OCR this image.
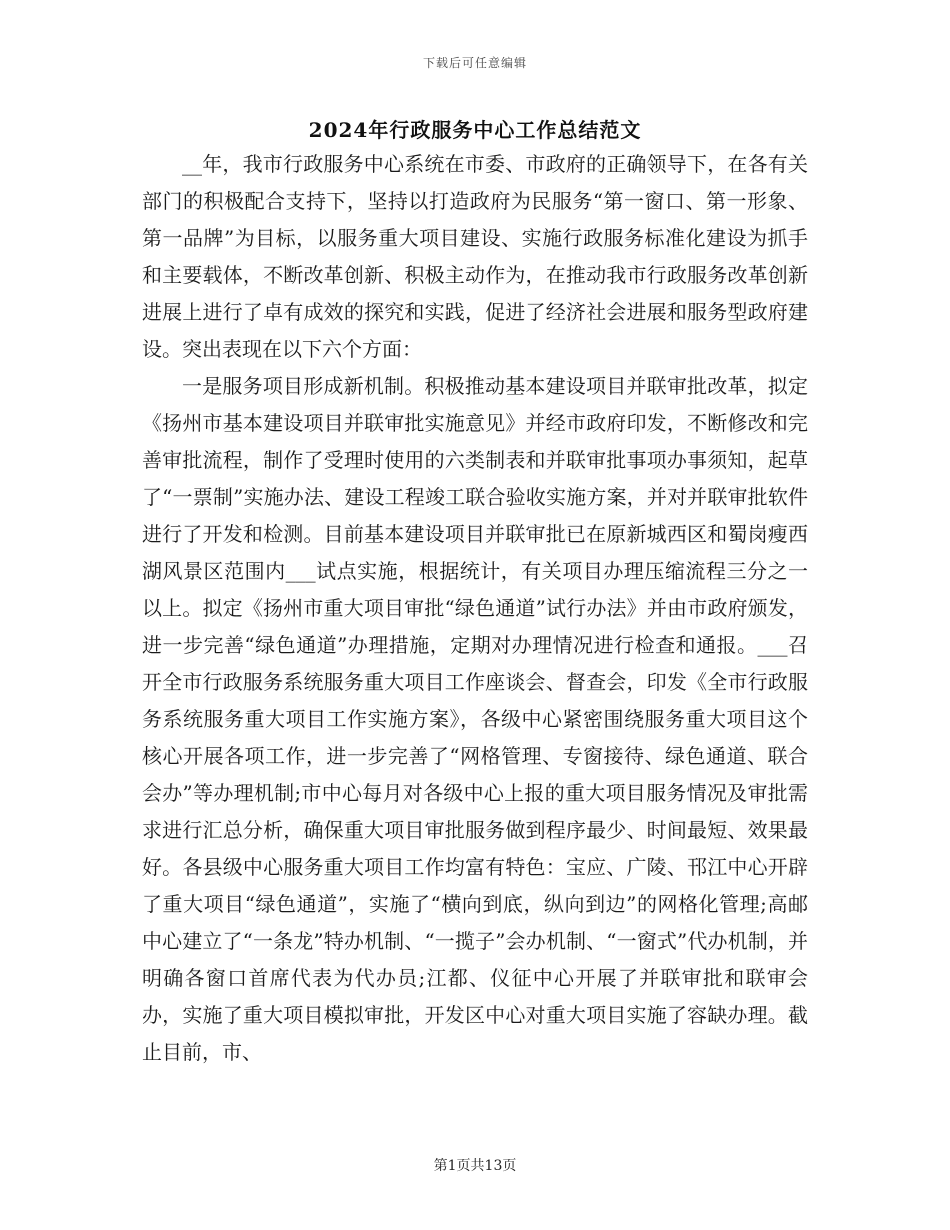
下载后可任意编辑
2024年行政服务中心工作总结范文

__年，我市行政服务中心系统在市委、市政府的正确领导下，在各有关部门的积极配合支持下，坚持以打造政府为民服务“第一窗口、第一形象、第一品牌”为目标，以服务重大项目建设、实施行政服务标准化建设为抓手和主要载体，不断改革创新、积极主动作为，在推动我市行政服务改革创新进展上进行了卓有成效的探究和实践，促进了经济社会进展和服务型政府建设。突出表现在以下六个方面：

一是服务项目形成新机制。积极推动基本建设项目并联审批改革，拟定《扬州市基本建设项目并联审批实施意见》并经市政府印发，不断修改和完善审批流程，制作了受理时使用的六类制表和并联审批事项办事须知，起草了“一票制”实施办法、建设工程竣工联合验收实施方案，并对并联审批软件进行了开发和检测。目前基本建设项目并联审批已在原新城西区和蜀岗瘦西湖风景区范围内___试点实施，根据统计，有关项目办理压缩流程三分之一以上。拟定《扬州市重大项目审批“绿色通道”试行办法》并由市政府颁发，进一步完善“绿色通道”办理措施，定期对办理情况进行检查和通报。___召开全市行政服务系统服务重大项目工作座谈会、督查会，印发《全市行政服务系统服务重大项目工作实施方案》，各级中心紧密围绕服务重大项目这个核心开展各项工作，进一步完善了“网格管理、专窗接待、绿色通道、联合会办”等办理机制;市中心每月对各级中心上报的重大项目服务情况及审批需求进行汇总分析，确保重大项目审批服务做到程序最少、时间最短、效果最好。各县级中心服务重大项目工作均富有特色：宝应、广陵、邗江中心开辟了重大项目“绿色通道”，实施了“横向到底，纵向到边”的网格化管理;高邮中心建立了“一条龙”特办机制、“一揽子”会办机制、“一窗式”代办机制，并明确各窗口首席代表为代办员;江都、仪征中心开展了并联审批和联审会办，实施了重大项目模拟审批，开发区中心对重大项目实施了容缺办理。截止目前，市、

第1页共13页
